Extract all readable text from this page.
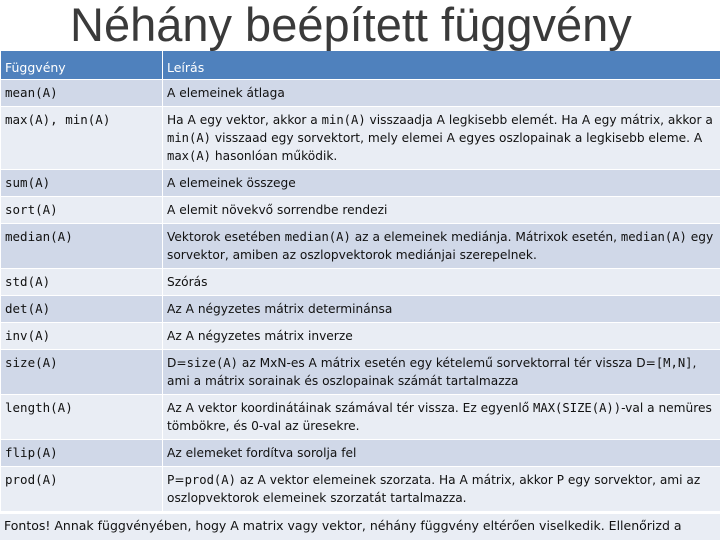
Néhány beépített függvény
Függvény	Leírás
mean(A)	A elemeinek átlaga
max(A), min(A)	Ha A egy vektor, akkor a min(A) visszaadja A legkisebb elemét. Ha A egy mátrix, akkor a min(A) visszaad egy sorvektort, mely elemei A egyes oszlopainak a legkisebb eleme. A max(A) hasonlóan működik.
sum(A)	A elemeinek összege
sort(A)	A elemit növekvő sorrendbe rendezi
median(A)	Vektorok esetében median(A) az a elemeinek mediánja. Mátrixok esetén, median(A) egy sorvektor, amiben az oszlopvektorok mediánjai szerepelnek.
std(A)	Szórás
det(A)	Az A négyzetes mátrix determinánsa
inv(A)	Az A négyzetes mátrix inverze
size(A)	D=size(A) az MxN-es A mátrix esetén egy kételemű sorvektorral tér vissza D=[M,N], ami a mátrix sorainak és oszlopainak számát tartalmazza
length(A)	Az A vektor koordinátáinak számával tér vissza. Ez egyenlő MAX(SIZE(A))-val a nemüres tömbökre, és 0-val az üresekre.
flip(A)	Az elemeket fordítva sorolja fel
prod(A)	P=prod(A) az A vektor elemeinek szorzata. Ha A mátrix, akkor P egy sorvektor, ami az oszlopvektorok elemeinek szorzatát tartalmazza.
Fontos! Annak függvényében, hogy A matrix vagy vektor, néhány függvény eltérően viselkedik. Ellenőrizd a
